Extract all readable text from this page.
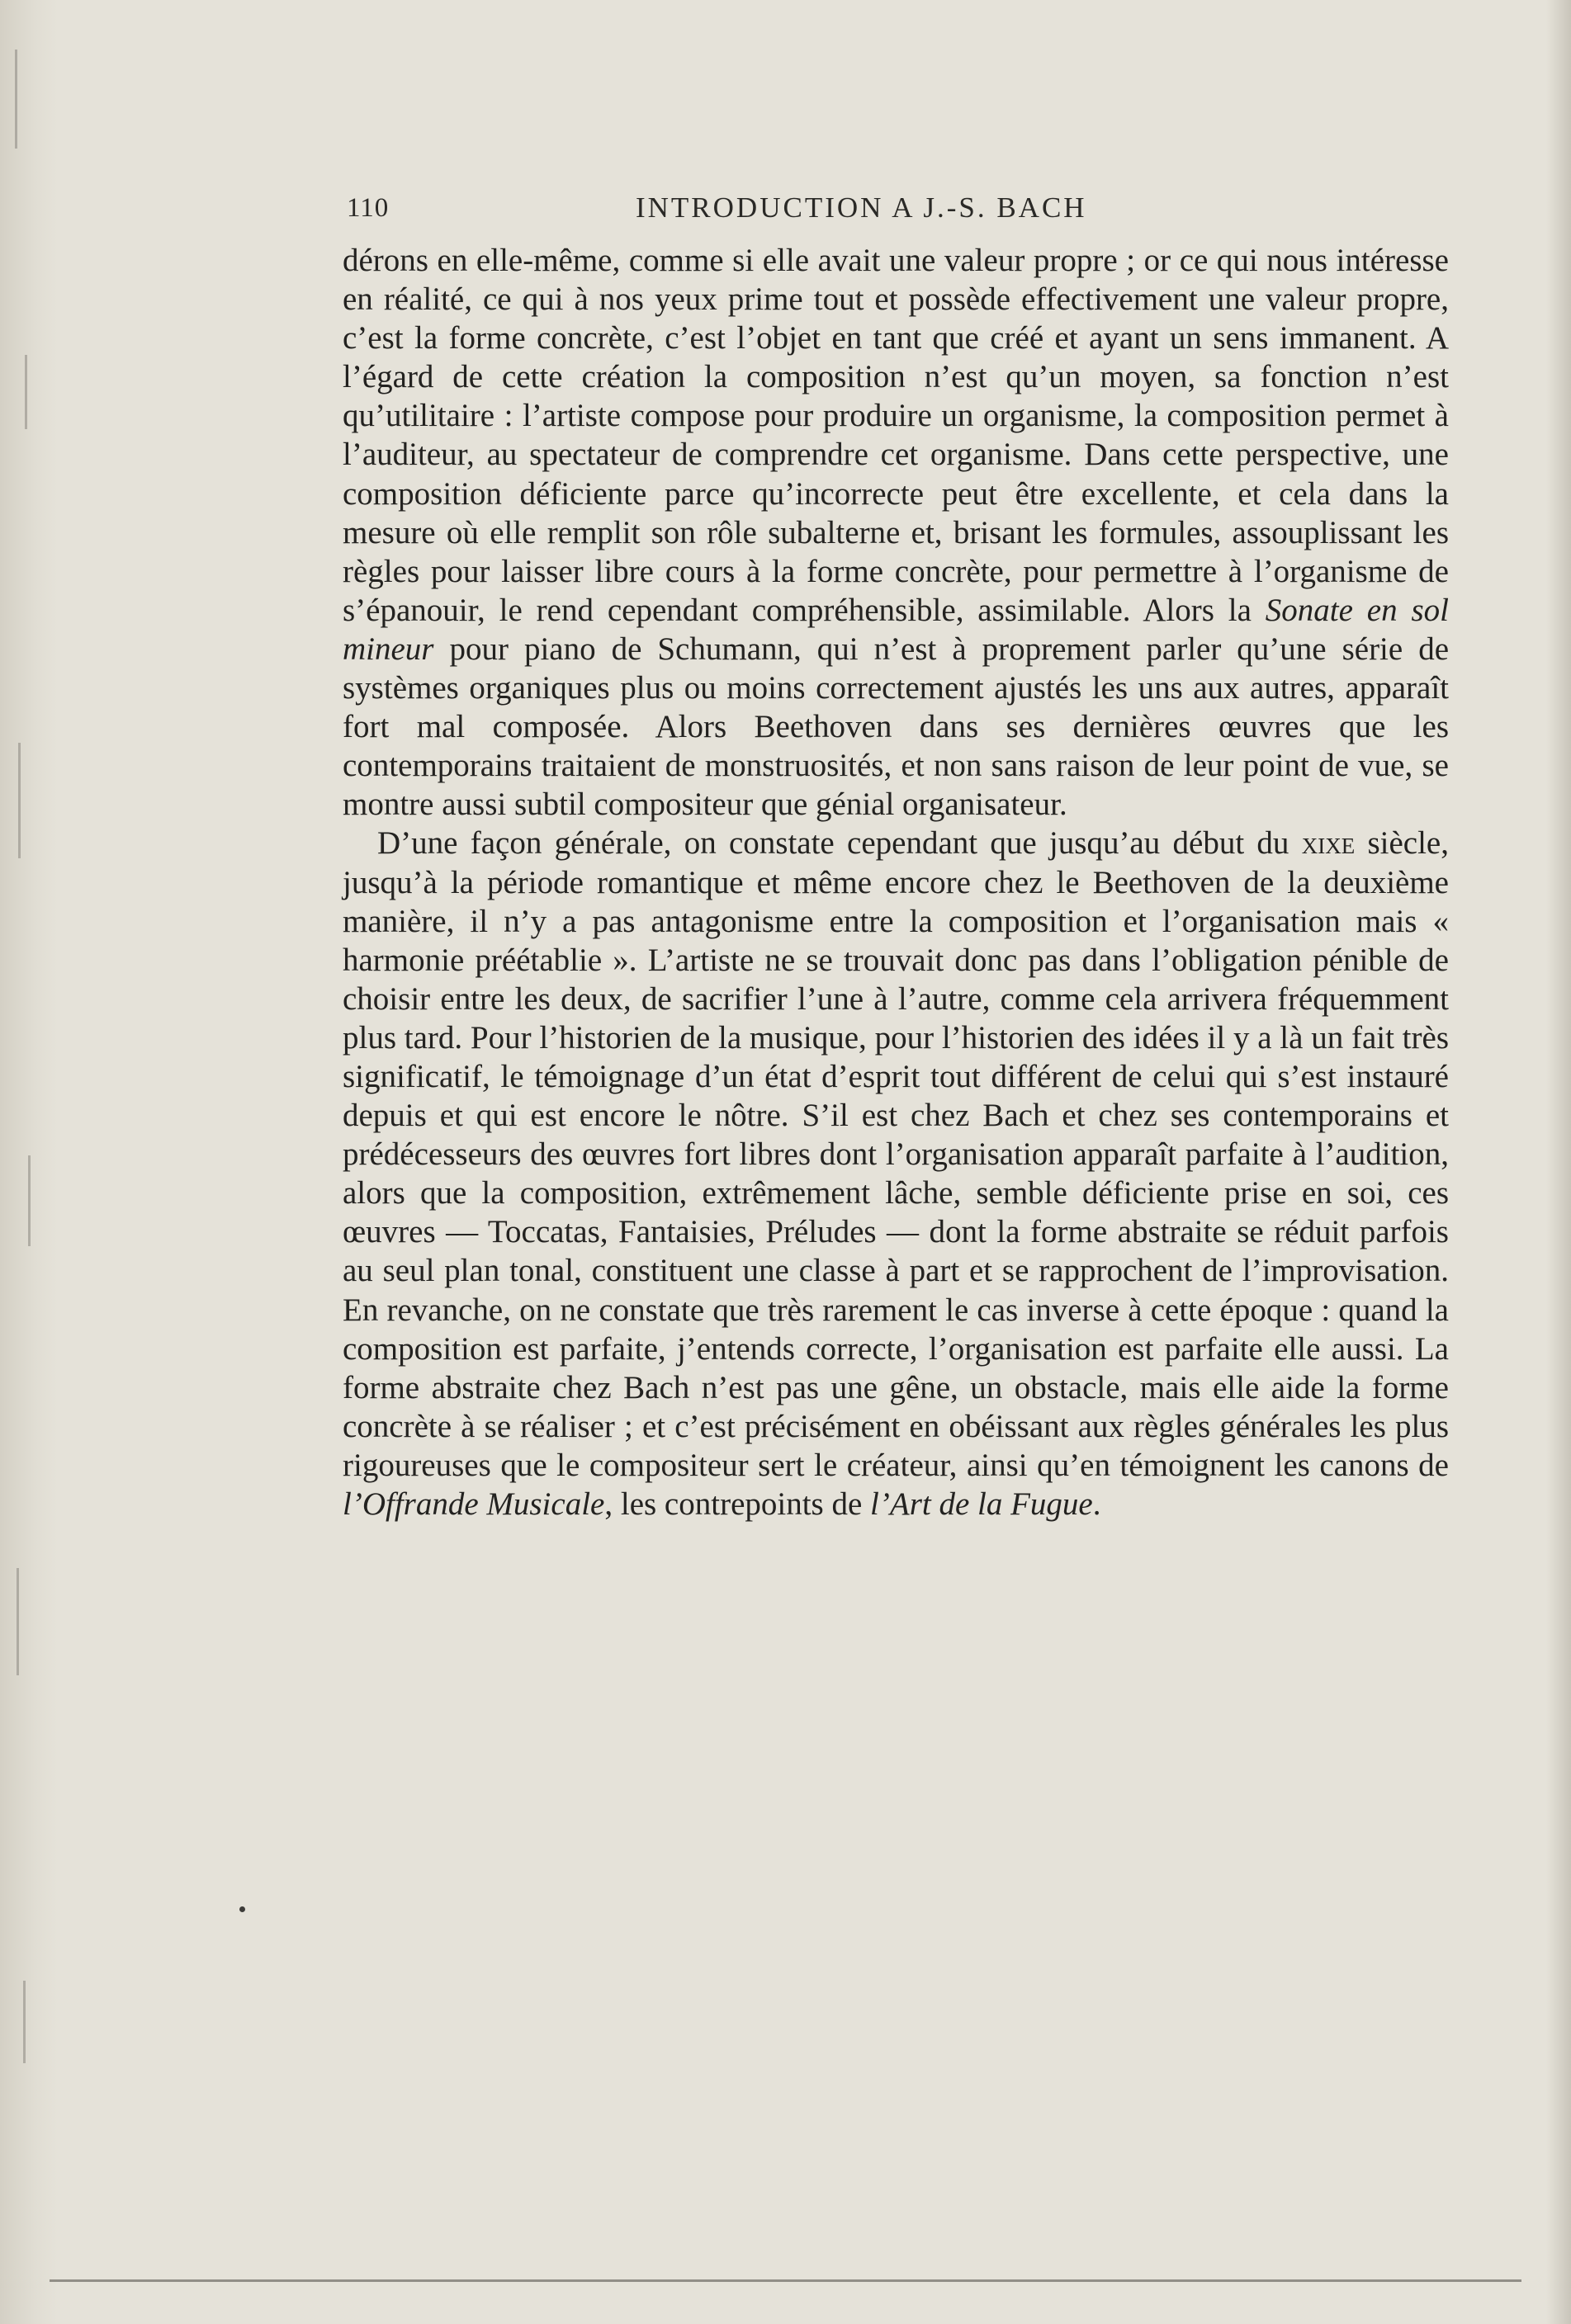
110	INTRODUCTION A J.-S. BACH

dérons en elle-même, comme si elle avait une valeur propre ; or ce qui nous intéresse en réalité, ce qui à nos yeux prime tout et possède effectivement une valeur propre, c’est la forme concrète, c’est l’objet en tant que créé et ayant un sens immanent. A l’égard de cette création la composition n’est qu’un moyen, sa fonction n’est qu’utilitaire : l’artiste compose pour produire un organisme, la composition permet à l’auditeur, au spectateur de comprendre cet organisme. Dans cette perspective, une composition déficiente parce qu’incorrecte peut être excellente, et cela dans la mesure où elle remplit son rôle subalterne et, brisant les formules, assouplissant les règles pour laisser libre cours à la forme concrète, pour permettre à l’organisme de s’épanouir, le rend cependant compréhensible, assimilable. Alors la Sonate en sol mineur pour piano de Schumann, qui n’est à proprement parler qu’une série de systèmes organiques plus ou moins correctement ajustés les uns aux autres, apparaît fort mal composée. Alors Beethoven dans ses dernières œuvres que les contemporains traitaient de monstruosités, et non sans raison de leur point de vue, se montre aussi subtil compositeur que génial organisateur.

D’une façon générale, on constate cependant que jusqu’au début du xixe siècle, jusqu’à la période romantique et même encore chez le Beethoven de la deuxième manière, il n’y a pas antagonisme entre la composition et l’organisation mais « harmonie préétablie ». L’artiste ne se trouvait donc pas dans l’obligation pénible de choisir entre les deux, de sacrifier l’une à l’autre, comme cela arrivera fréquemment plus tard. Pour l’historien de la musique, pour l’historien des idées il y a là un fait très significatif, le témoignage d’un état d’esprit tout différent de celui qui s’est instauré depuis et qui est encore le nôtre. S’il est chez Bach et chez ses contemporains et prédécesseurs des œuvres fort libres dont l’organisation apparaît parfaite à l’audition, alors que la composition, extrêmement lâche, semble déficiente prise en soi, ces œuvres — Toccatas, Fantaisies, Préludes — dont la forme abstraite se réduit parfois au seul plan tonal, constituent une classe à part et se rapprochent de l’improvisation. En revanche, on ne constate que très rarement le cas inverse à cette époque : quand la composition est parfaite, j’entends correcte, l’organisation est parfaite elle aussi. La forme abstraite chez Bach n’est pas une gêne, un obstacle, mais elle aide la forme concrète à se réaliser ; et c’est précisément en obéissant aux règles générales les plus rigoureuses que le compositeur sert le créateur, ainsi qu’en témoignent les canons de l’Offrande Musicale, les contrepoints de l’Art de la Fugue.
